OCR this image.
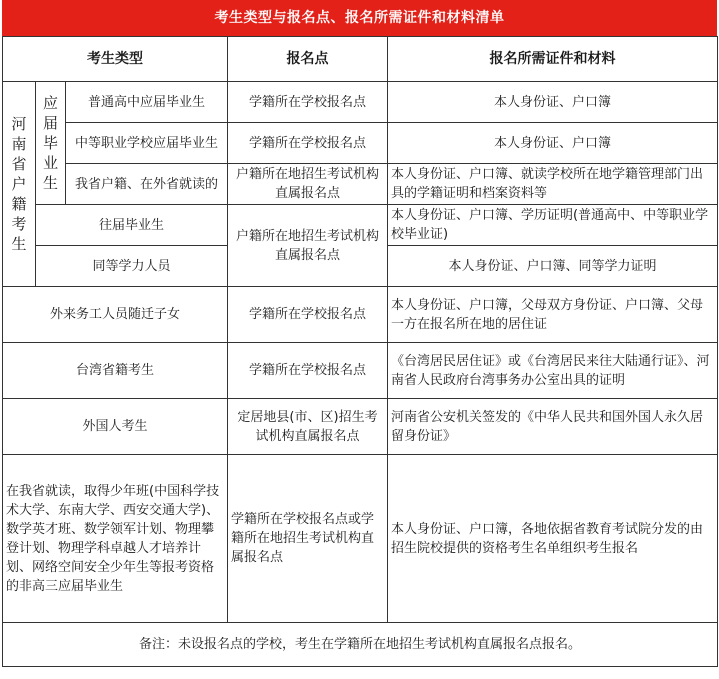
考生类型与报名点、报名所需证件和材料清单
考生类型			报名点	报名所需证件和材料
河南省户籍考生	应届毕业生	普通高中应届毕业生	学籍所在学校报名点	本人身份证、户口簿
		中等职业学校应届毕业生	学籍所在学校报名点	本人身份证、户口簿
		我省户籍、在外省就读的	户籍所在地招生考试机构直属报名点	本人身份证、户口簿、就读学校所在地学籍管理部门出具的学籍证明和档案资料等
	往届毕业生		户籍所在地招生考试机构直属报名点	本人身份证、户口簿、学历证明(普通高中、中等职业学校毕业证)
	同等学力人员			本人身份证、户口簿、同等学力证明
外来务工人员随迁子女			学籍所在学校报名点	本人身份证、户口簿，父母双方身份证、户口簿、父母一方在报名所在地的居住证
台湾省籍考生			学籍所在学校报名点	《台湾居民居住证》或《台湾居民来往大陆通行证》、河南省人民政府台湾事务办公室出具的证明
外国人考生			定居地县(市、区)招生考试机构直属报名点	河南省公安机关签发的《中华人民共和国外国人永久居留身份证》
在我省就读，取得少年班(中国科学技术大学、东南大学、西安交通大学)、数学英才班、数学领军计划、物理攀登计划、物理学科卓越人才培养计划、网络空间安全少年生等报考资格的非高三应届毕业生			学籍所在学校报名点或学籍所在地招生考试机构直属报名点	本人身份证、户口簿，各地依据省教育考试院分发的由招生院校提供的资格考生名单组织考生报名
备注：未设报名点的学校，考生在学籍所在地招生考试机构直属报名点报名。				
